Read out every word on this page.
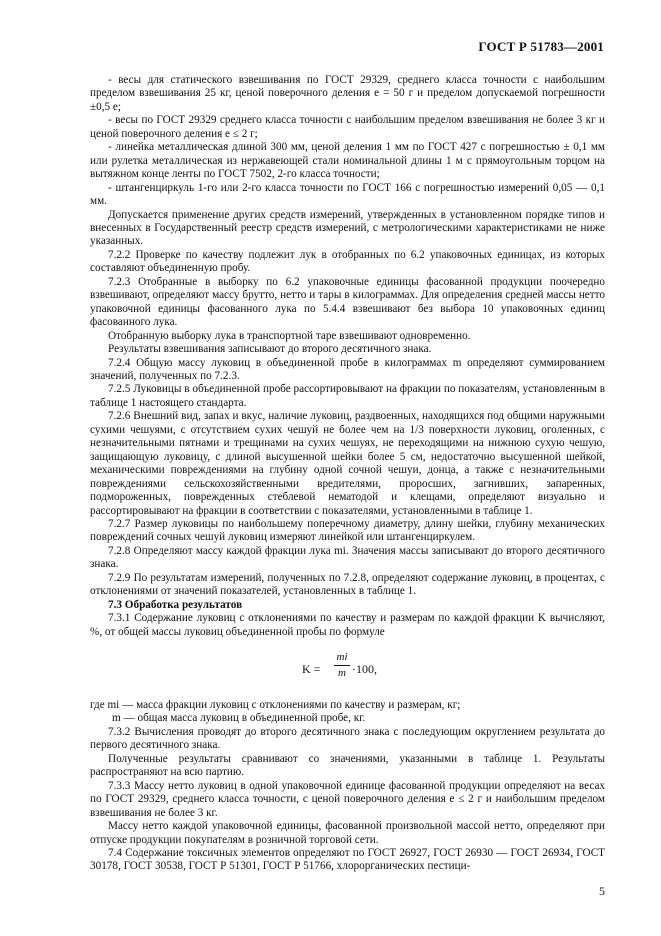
ГОСТ Р 51783—2001

- весы для статического взвешивания по ГОСТ 29329, среднего класса точности с наибольшим пределом взвешивания 25 кг, ценой поверочного деления e = 50 г и пределом допускаемой погрешности ±0,5 e;

- весы по ГОСТ 29329 среднего класса точности с наибольшим пределом взвешивания не более 3 кг и ценой поверочного деления e ≤ 2 г;

- линейка металлическая длиной 300 мм, ценой деления 1 мм по ГОСТ 427 с погрешностью ± 0,1 мм или рулетка металлическая из нержавеющей стали номинальной длины 1 м с прямоугольным торцом на вытяжном конце ленты по ГОСТ 7502, 2-го класса точности;

- штангенциркуль 1-го или 2-го класса точности по ГОСТ 166 с погрешностью измерений 0,05 — 0,1 мм.

Допускается применение других средств измерений, утвержденных в установленном порядке типов и внесенных в Государственный реестр средств измерений, с метрологическими характеристиками не ниже указанных.

7.2.2 Проверке по качеству подлежит лук в отобранных по 6.2 упаковочных единицах, из которых составляют объединенную пробу.

7.2.3 Отобранные в выборку по 6.2 упаковочные единицы фасованной продукции поочередно взвешивают, определяют массу брутто, нетто и тары в килограммах. Для определения средней массы нетто упаковочной единицы фасованного лука по 5.4.4 взвешивают без выбора 10 упаковочных единиц фасованного лука.

Отобранную выборку лука в транспортной таре взвешивают одновременно.

Результаты взвешивания записывают до второго десятичного знака.

7.2.4 Общую массу луковиц в объединенной пробе в килограммах m определяют суммированием значений, полученных по 7.2.3.

7.2.5 Луковицы в объединенной пробе рассортировывают на фракции по показателям, установленным в таблице 1 настоящего стандарта.

7.2.6 Внешний вид, запах и вкус, наличие луковиц, раздвоенных, находящихся под общими наружными сухими чешуями, с отсутствием сухих чешуй не более чем на 1/3 поверхности луковиц, оголенных, с незначительными пятнами и трещинами на сухих чешуях, не переходящими на нижнюю сухую чешую, защищающую луковицу, с длиной высушенной шейки более 5 см, недостаточно высушенной шейкой, механическими повреждениями на глубину одной сочной чешуи, донца, а также с незначительными повреждениями сельскохозяйственными вредителями, проросших, загнивших, запаренных, подмороженных, поврежденных стеблевой нематодой и клещами, определяют визуально и рассортировывают на фракции в соответствии с показателями, установленными в таблице 1.

7.2.7 Размер луковицы по наибольшему поперечному диаметру, длину шейки, глубину механических повреждений сочных чешуй луковиц измеряют линейкой или штангенциркулем.

7.2.8 Определяют массу каждой фракции лука mi. Значения массы записывают до второго десятичного знака.

7.2.9 По результатам измерений, полученных по 7.2.8, определяют содержание луковиц, в процентах, с отклонениями от значений показателей, установленных в таблице 1.

7.3 Обработка результатов

7.3.1 Содержание луковиц с отклонениями по качеству и размерам по каждой фракции K вычисляют, %, от общей массы луковиц объединенной пробы по формуле

$K = \frac{mi}{m} \cdot 100$,

где mi — масса фракции луковиц с отклонениями по качеству и размерам, кг;

m — общая масса луковиц в объединенной пробе, кг.

7.3.2 Вычисления проводят до второго десятичного знака с последующим округлением результата до первого десятичного знака.

Полученные результаты сравнивают со значениями, указанными в таблице 1. Результаты распространяют на всю партию.

7.3.3 Массу нетто луковиц в одной упаковочной единице фасованной продукции определяют на весах по ГОСТ 29329, среднего класса точности, с ценой поверочного деления e ≤ 2 г и наибольшим пределом взвешивания не более 3 кг.

Массу нетто каждой упаковочной единицы, фасованной произвольной массой нетто, определяют при отпуске продукции покупателям в розничной торговой сети.

7.4 Содержание токсичных элементов определяют по ГОСТ 26927, ГОСТ 26930 — ГОСТ 26934, ГОСТ 30178, ГОСТ 30538, ГОСТ Р 51301, ГОСТ Р 51766, хлорорганических пестици-

5
